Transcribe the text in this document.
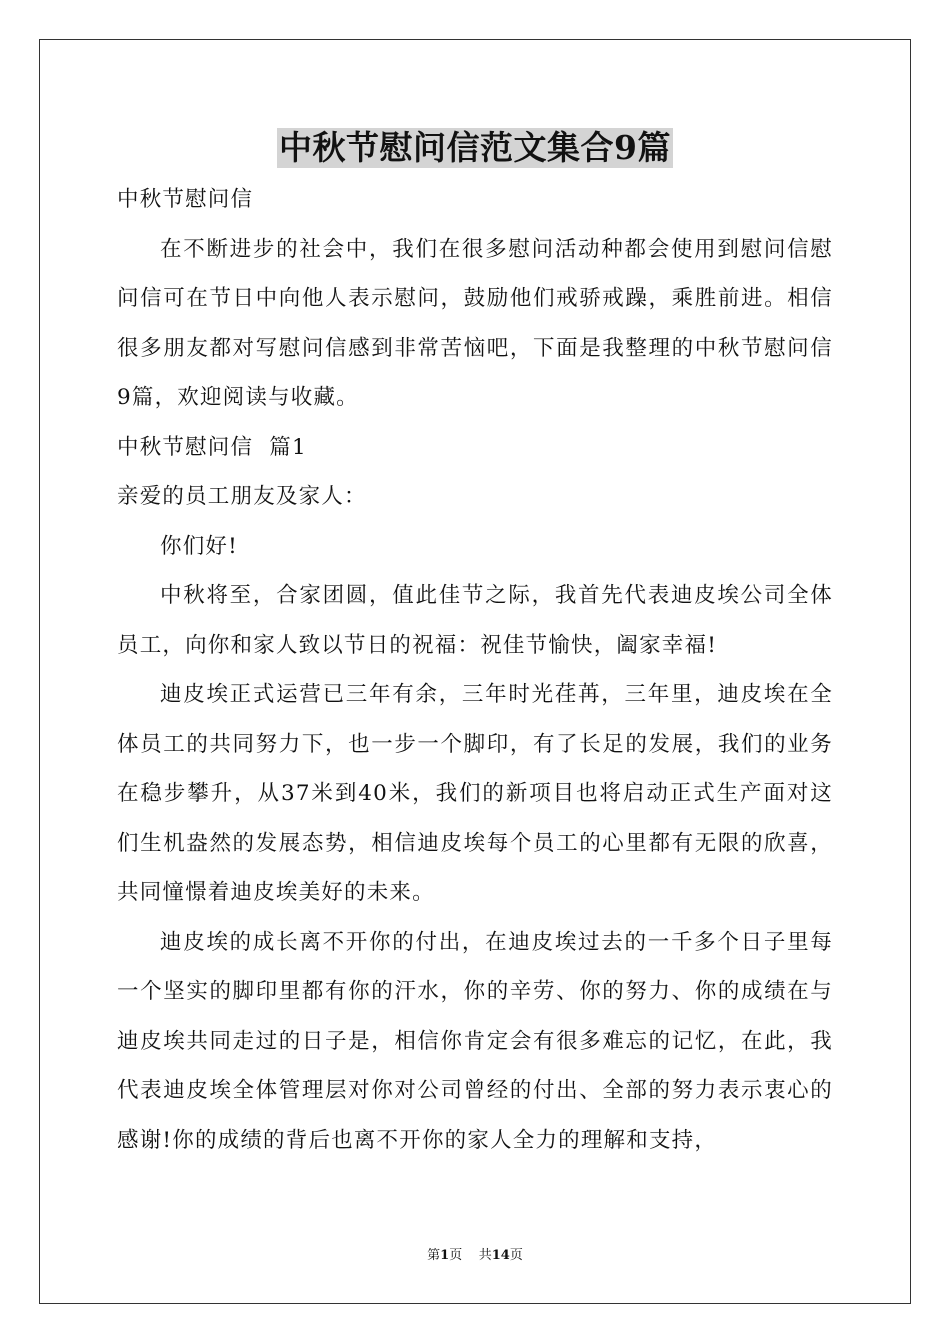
中秋节慰问信范文集合9篇

中秋节慰问信

在不断进步的社会中，我们在很多慰问活动种都会使用到慰问信慰问信可在节日中向他人表示慰问，鼓励他们戒骄戒躁，乘胜前进。相信很多朋友都对写慰问信感到非常苦恼吧，下面是我整理的中秋节慰问信9篇，欢迎阅读与收藏。

中秋节慰问信  篇1

亲爱的员工朋友及家人：

你们好!

中秋将至，合家团圆，值此佳节之际，我首先代表迪皮埃公司全体员工，向你和家人致以节日的祝福：祝佳节愉快，阖家幸福!

迪皮埃正式运营已三年有余，三年时光荏苒，三年里，迪皮埃在全体员工的共同努力下，也一步一个脚印，有了长足的发展，我们的业务在稳步攀升，从37米到40米，我们的新项目也将启动正式生产面对这们生机盎然的发展态势，相信迪皮埃每个员工的心里都有无限的欣喜，共同憧憬着迪皮埃美好的未来。

迪皮埃的成长离不开你的付出，在迪皮埃过去的一千多个日子里每一个坚实的脚印里都有你的汗水，你的辛劳、你的努力、你的成绩在与迪皮埃共同走过的日子是，相信你肯定会有很多难忘的记忆，在此，我代表迪皮埃全体管理层对你对公司曾经的付出、全部的努力表示衷心的感谢!你的成绩的背后也离不开你的家人全力的理解和支持，

第1页 共14页
